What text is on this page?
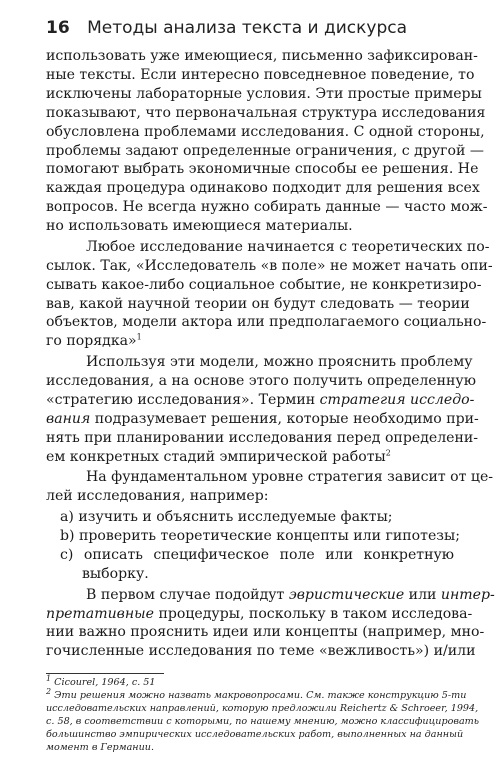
16 Методы анализа текста и дискурса
использовать уже имеющиеся, письменно зафиксирован-
ные тексты. Если интересно повседневное поведение, то
исключены лабораторные условия. Эти простые примеры
показывают, что первоначальная структура исследования
обусловлена проблемами исследования. С одной стороны,
проблемы задают определенные ограничения, с другой —
помогают выбрать экономичные способы ее решения. Не
каждая процедура одинаково подходит для решения всех
вопросов. Не всегда нужно собирать данные — часто мож-
но использовать имеющиеся материалы.
Любое исследование начинается с теоретических по-
сылок. Так, «Исследователь «в поле» не может начать опи-
сывать какое-либо социальное событие, не конкретизиро-
вав, какой научной теории он будут следовать — теории
объектов, модели актора или предполагаемого социально-
го порядка»$^1$
Используя эти модели, можно прояснить проблему
исследования, а на основе этого получить определенную
«стратегию исследования». Термин стратегия исследо-
вания подразумевает решения, которые необходимо при-
нять при планировании исследования перед определени-
ем конкретных стадий эмпирической работы$^2$
На фундаментальном уровне стратегия зависит от це-
лей исследования, например:
a) изучить и объяснить исследуемые факты;
b) проверить теоретические концепты или гипотезы;
c) описать специфическое поле или конкретную
выборку.
В первом случае подойдут эвристические или интер-
претативные процедуры, поскольку в таком исследова-
нии важно прояснить идеи или концепты (например, мно-
гочисленные исследования по теме «вежливость») и/или
$^1$ Cicourel, 1964, с. 51
$^2$ Эти решения можно назвать макровопросами. См. также конструкцию 5-ти
исследовательских направлений, которую предложили Reichertz & Schroeer, 1994,
с. 58, в соответствии с которыми, по нашему мнению, можно классифицировать
большинство эмпирических исследовательских работ, выполненных на данный
момент в Германии.
